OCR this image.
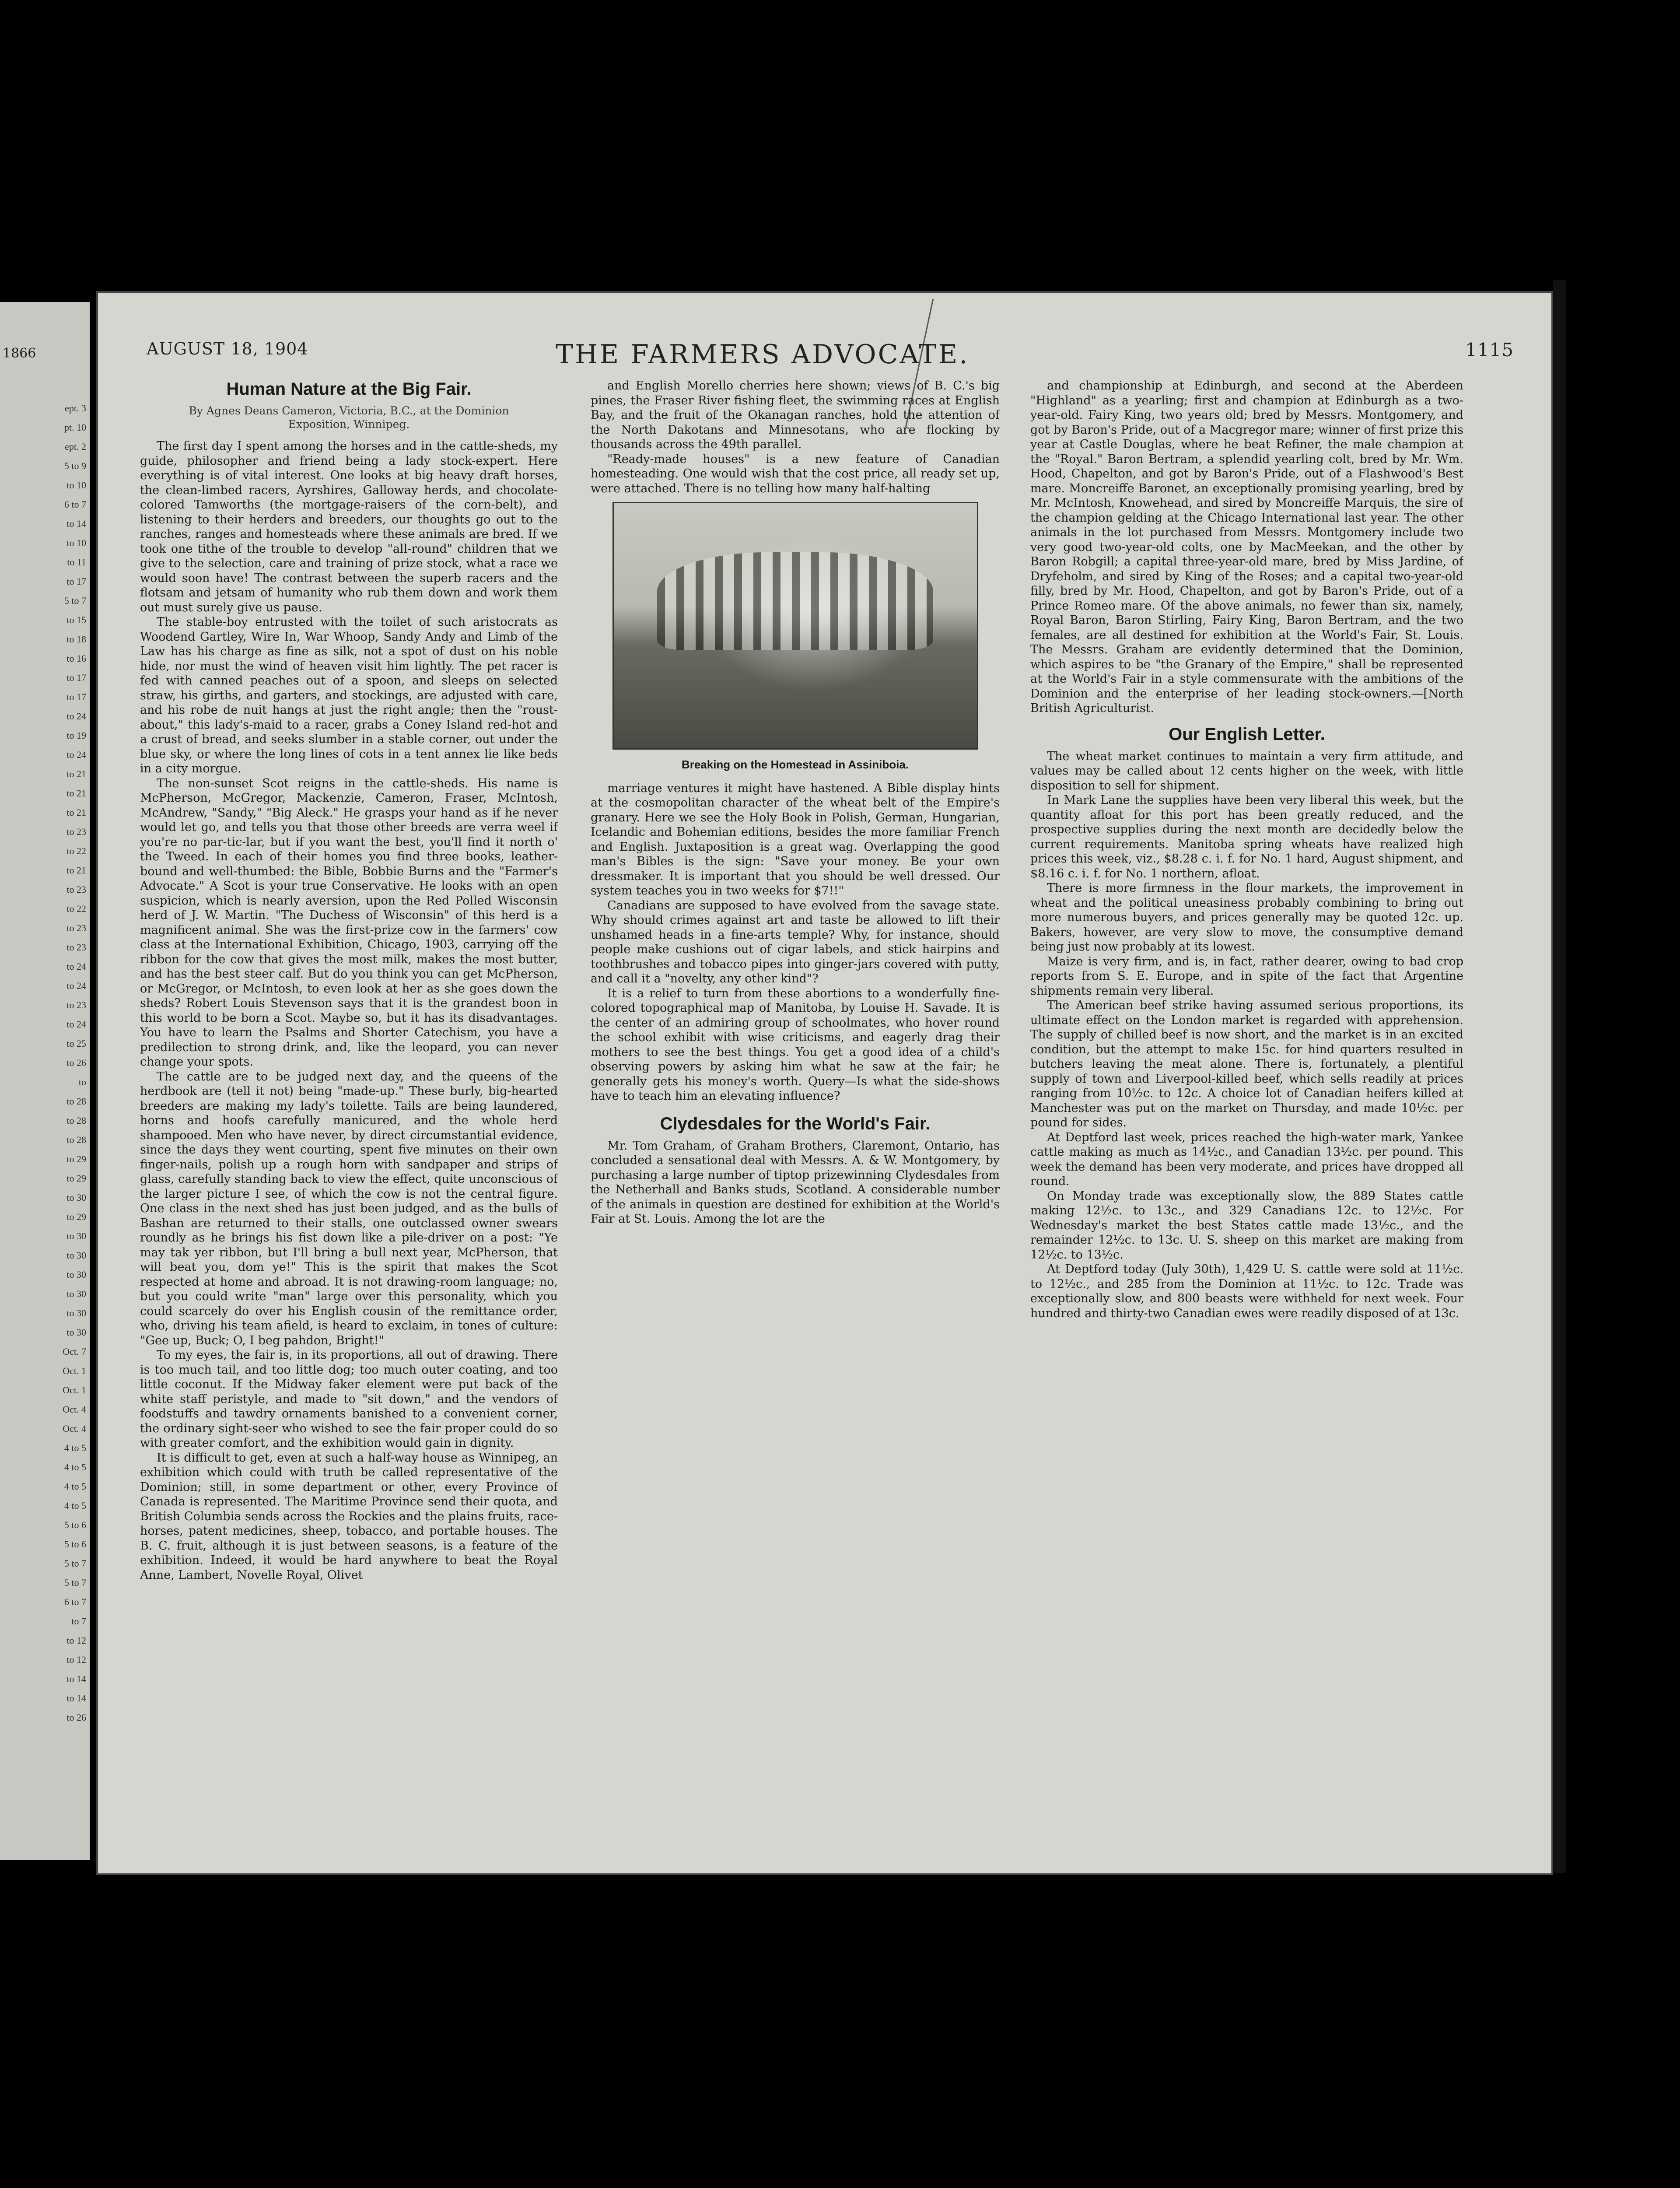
1866
ept. 3
pt. 10
ept. 2
5 to 9
to 10
6 to 7
to 14
to 10
to 11
to 17
5 to 7
to 15
to 18
to 16
to 17
to 17
to 24
to 19
to 24
to 21
to 21
to 21
to 23
to 22
to 21
to 23
to 22
to 23
to 23
to 24
to 24
to 23
to 24
to 25
to 26
to
to 28
to 28
to 28
to 29
to 29
to 30
to 29
to 30
to 30
to 30
to 30
to 30
to 30
Oct. 7
Oct. 1
Oct. 1
Oct. 4
Oct. 4
4 to 5
4 to 5
4 to 5
4 to 5
5 to 6
5 to 6
5 to 7
5 to 7
6 to 7
to 7
to 12
to 12
to 14
to 14
to 26
AUGUST 18, 1904	THE FARMERS ADVOCATE.	1115
Human Nature at the Big Fair.
By Agnes Deans Cameron, Victoria, B.C., at the Dominion Exposition, Winnipeg.

The first day I spent among the horses and in the cattle-sheds, my guide, philosopher and friend being a lady stock-expert. Here everything is of vital interest. One looks at big heavy draft horses, the clean-limbed racers, Ayrshires, Galloway herds, and chocolate-colored Tamworths (the mortgage-raisers of the corn-belt), and listening to their herders and breeders, our thoughts go out to the ranches, ranges and homesteads where these animals are bred. If we took one tithe of the trouble to develop "all-round" children that we give to the selection, care and training of prize stock, what a race we would soon have! The contrast between the superb racers and the flotsam and jetsam of humanity who rub them down and work them out must surely give us pause.

The stable-boy entrusted with the toilet of such aristocrats as Woodend Gartley, Wire In, War Whoop, Sandy Andy and Limb of the Law has his charge as fine as silk, not a spot of dust on his noble hide, nor must the wind of heaven visit him lightly. The pet racer is fed with canned peaches out of a spoon, and sleeps on selected straw, his girths, and garters, and stockings, are adjusted with care, and his robe de nuit hangs at just the right angle; then the "roust-about," this lady's-maid to a racer, grabs a Coney Island red-hot and a crust of bread, and seeks slumber in a stable corner, out under the blue sky, or where the long lines of cots in a tent annex lie like beds in a city morgue.

The non-sunset Scot reigns in the cattle-sheds. His name is McPherson, McGregor, Mackenzie, Cameron, Fraser, McIntosh, McAndrew, "Sandy," "Big Aleck." He grasps your hand as if he never would let go, and tells you that those other breeds are verra weel if you're no par-tic-lar, but if you want the best, you'll find it north o' the Tweed. In each of their homes you find three books, leather-bound and well-thumbed: the Bible, Bobbie Burns and the "Farmer's Advocate." A Scot is your true Conservative. He looks with an open suspicion, which is nearly aversion, upon the Red Polled Wisconsin herd of J. W. Martin. "The Duchess of Wisconsin" of this herd is a magnificent animal. She was the first-prize cow in the farmers' cow class at the International Exhibition, Chicago, 1903, carrying off the ribbon for the cow that gives the most milk, makes the most butter, and has the best steer calf. But do you think you can get McPherson, or McGregor, or McIntosh, to even look at her as she goes down the sheds? Robert Louis Stevenson says that it is the grandest boon in this world to be born a Scot. Maybe so, but it has its disadvantages. You have to learn the Psalms and Shorter Catechism, you have a predilection to strong drink, and, like the leopard, you can never change your spots.

The cattle are to be judged next day, and the queens of the herdbook are (tell it not) being "made-up." These burly, big-hearted breeders are making my lady's toilette. Tails are being laundered, horns and hoofs carefully manicured, and the whole herd shampooed. Men who have never, by direct circumstantial evidence, since the days they went courting, spent five minutes on their own finger-nails, polish up a rough horn with sandpaper and strips of glass, carefully standing back to view the effect, quite unconscious of the larger picture I see, of which the cow is not the central figure. One class in the next shed has just been judged, and as the bulls of Bashan are returned to their stalls, one outclassed owner swears roundly as he brings his fist down like a pile-driver on a post: "Ye may tak yer ribbon, but I'll bring a bull next year, McPherson, that will beat you, dom ye!" This is the spirit that makes the Scot respected at home and abroad. It is not drawing-room language; no, but you could write "man" large over this personality, which you could scarcely do over his English cousin of the remittance order, who, driving his team afield, is heard to exclaim, in tones of culture: "Gee up, Buck; O, I beg pahdon, Bright!"

To my eyes, the fair is, in its proportions, all out of drawing. There is too much tail, and too little dog; too much outer coating, and too little coconut. If the Midway faker element were put back of the white staff peristyle, and made to "sit down," and the vendors of foodstuffs and tawdry ornaments banished to a convenient corner, the ordinary sight-seer who wished to see the fair proper could do so with greater comfort, and the exhibition would gain in dignity.

It is difficult to get, even at such a half-way house as Winnipeg, an exhibition which could with truth be called representative of the Dominion; still, in some department or other, every Province of Canada is represented. The Maritime Province send their quota, and British Columbia sends across the Rockies and the plains fruits, race-horses, patent medicines, sheep, tobacco, and portable houses. The B. C. fruit, although it is just between seasons, is a feature of the exhibition. Indeed, it would be hard anywhere to beat the Royal Anne, Lambert, Novelle Royal, Olivet

and English Morello cherries here shown; views of B. C.'s big pines, the Fraser River fishing fleet, the swimming races at English Bay, and the fruit of the Okanagan ranches, hold the attention of the North Dakotans and Minnesotans, who are flocking by thousands across the 49th parallel.

"Ready-made houses" is a new feature of Canadian homesteading. One would wish that the cost price, all ready set up, were attached. There is no telling how many half-halting

Breaking on the Homestead in Assiniboia.

marriage ventures it might have hastened. A Bible display hints at the cosmopolitan character of the wheat belt of the Empire's granary. Here we see the Holy Book in Polish, German, Hungarian, Icelandic and Bohemian editions, besides the more familiar French and English. Juxtaposition is a great wag. Overlapping the good man's Bibles is the sign: "Save your money. Be your own dressmaker. It is important that you should be well dressed. Our system teaches you in two weeks for $7!!"

Canadians are supposed to have evolved from the savage state. Why should crimes against art and taste be allowed to lift their unshamed heads in a fine-arts temple? Why, for instance, should people make cushions out of cigar labels, and stick hairpins and toothbrushes and tobacco pipes into ginger-jars covered with putty, and call it a "novelty, any other kind"?

It is a relief to turn from these abortions to a wonderfully fine-colored topographical map of Manitoba, by Louise H. Savade. It is the center of an admiring group of schoolmates, who hover round the school exhibit with wise criticisms, and eagerly drag their mothers to see the best things. You get a good idea of a child's observing powers by asking him what he saw at the fair; he generally gets his money's worth. Query—Is what the side-shows have to teach him an elevating influence?

Clydesdales for the World's Fair.

Mr. Tom Graham, of Graham Brothers, Claremont, Ontario, has concluded a sensational deal with Messrs. A. & W. Montgomery, by purchasing a large number of tiptop prizewinning Clydesdales from the Netherhall and Banks studs, Scotland. A considerable number of the animals in question are destined for exhibition at the World's Fair at St. Louis. Among the lot are the

and championship at Edinburgh, and second at the Aberdeen "Highland" as a yearling; first and champion at Edinburgh as a two-year-old. Fairy King, two years old; bred by Messrs. Montgomery, and got by Baron's Pride, out of a Macgregor mare; winner of first prize this year at Castle Douglas, where he beat Refiner, the male champion at the "Royal." Baron Bertram, a splendid yearling colt, bred by Mr. Wm. Hood, Chapelton, and got by Baron's Pride, out of a Flashwood's Best mare. Moncreiffe Baronet, an exceptionally promising yearling, bred by Mr. McIntosh, Knowehead, and sired by Moncreiffe Marquis, the sire of the champion gelding at the Chicago International last year. The other animals in the lot purchased from Messrs. Montgomery include two very good two-year-old colts, one by MacMeekan, and the other by Baron Robgill; a capital three-year-old mare, bred by Miss Jardine, of Dryfeholm, and sired by King of the Roses; and a capital two-year-old filly, bred by Mr. Hood, Chapelton, and got by Baron's Pride, out of a Prince Romeo mare. Of the above animals, no fewer than six, namely, Royal Baron, Baron Stirling, Fairy King, Baron Bertram, and the two females, are all destined for exhibition at the World's Fair, St. Louis. The Messrs. Graham are evidently determined that the Dominion, which aspires to be "the Granary of the Empire," shall be represented at the World's Fair in a style commensurate with the ambitions of the Dominion and the enterprise of her leading stock-owners.—[North British Agriculturist.

Our English Letter.

The wheat market continues to maintain a very firm attitude, and values may be called about 12 cents higher on the week, with little disposition to sell for shipment.

In Mark Lane the supplies have been very liberal this week, but the quantity afloat for this port has been greatly reduced, and the prospective supplies during the next month are decidedly below the current requirements. Manitoba spring wheats have realized high prices this week, viz., $8.28 c. i. f. for No. 1 hard, August shipment, and $8.16 c. i. f. for No. 1 northern, afloat.

There is more firmness in the flour markets, the improvement in wheat and the political uneasiness probably combining to bring out more numerous buyers, and prices generally may be quoted 12c. up. Bakers, however, are very slow to move, the consumptive demand being just now probably at its lowest.

Maize is very firm, and is, in fact, rather dearer, owing to bad crop reports from S. E. Europe, and in spite of the fact that Argentine shipments remain very liberal.

The American beef strike having assumed serious proportions, its ultimate effect on the London market is regarded with apprehension. The supply of chilled beef is now short, and the market is in an excited condition, but the attempt to make 15c. for hind quarters resulted in butchers leaving the meat alone. There is, fortunately, a plentiful supply of town and Liverpool-killed beef, which sells readily at prices ranging from 10½c. to 12c. A choice lot of Canadian heifers killed at Manchester was put on the market on Thursday, and made 10½c. per pound for sides.

At Deptford last week, prices reached the high-water mark, Yankee cattle making as much as 14½c., and Canadian 13½c. per pound. This week the demand has been very moderate, and prices have dropped all round.

On Monday trade was exceptionally slow, the 889 States cattle making 12½c. to 13c., and 329 Canadians 12c. to 12½c. For Wednesday's market the best States cattle made 13½c., and the remainder 12½c. to 13c. U. S. sheep on this market are making from 12½c. to 13½c.

At Deptford today (July 30th), 1,429 U. S. cattle were sold at 11½c. to 12½c., and 285 from the Dominion at 11½c. to 12c. Trade was exceptionally slow, and 800 beasts were withheld for next week. Four hundred and thirty-two Canadian ewes were readily disposed of at 13c.
